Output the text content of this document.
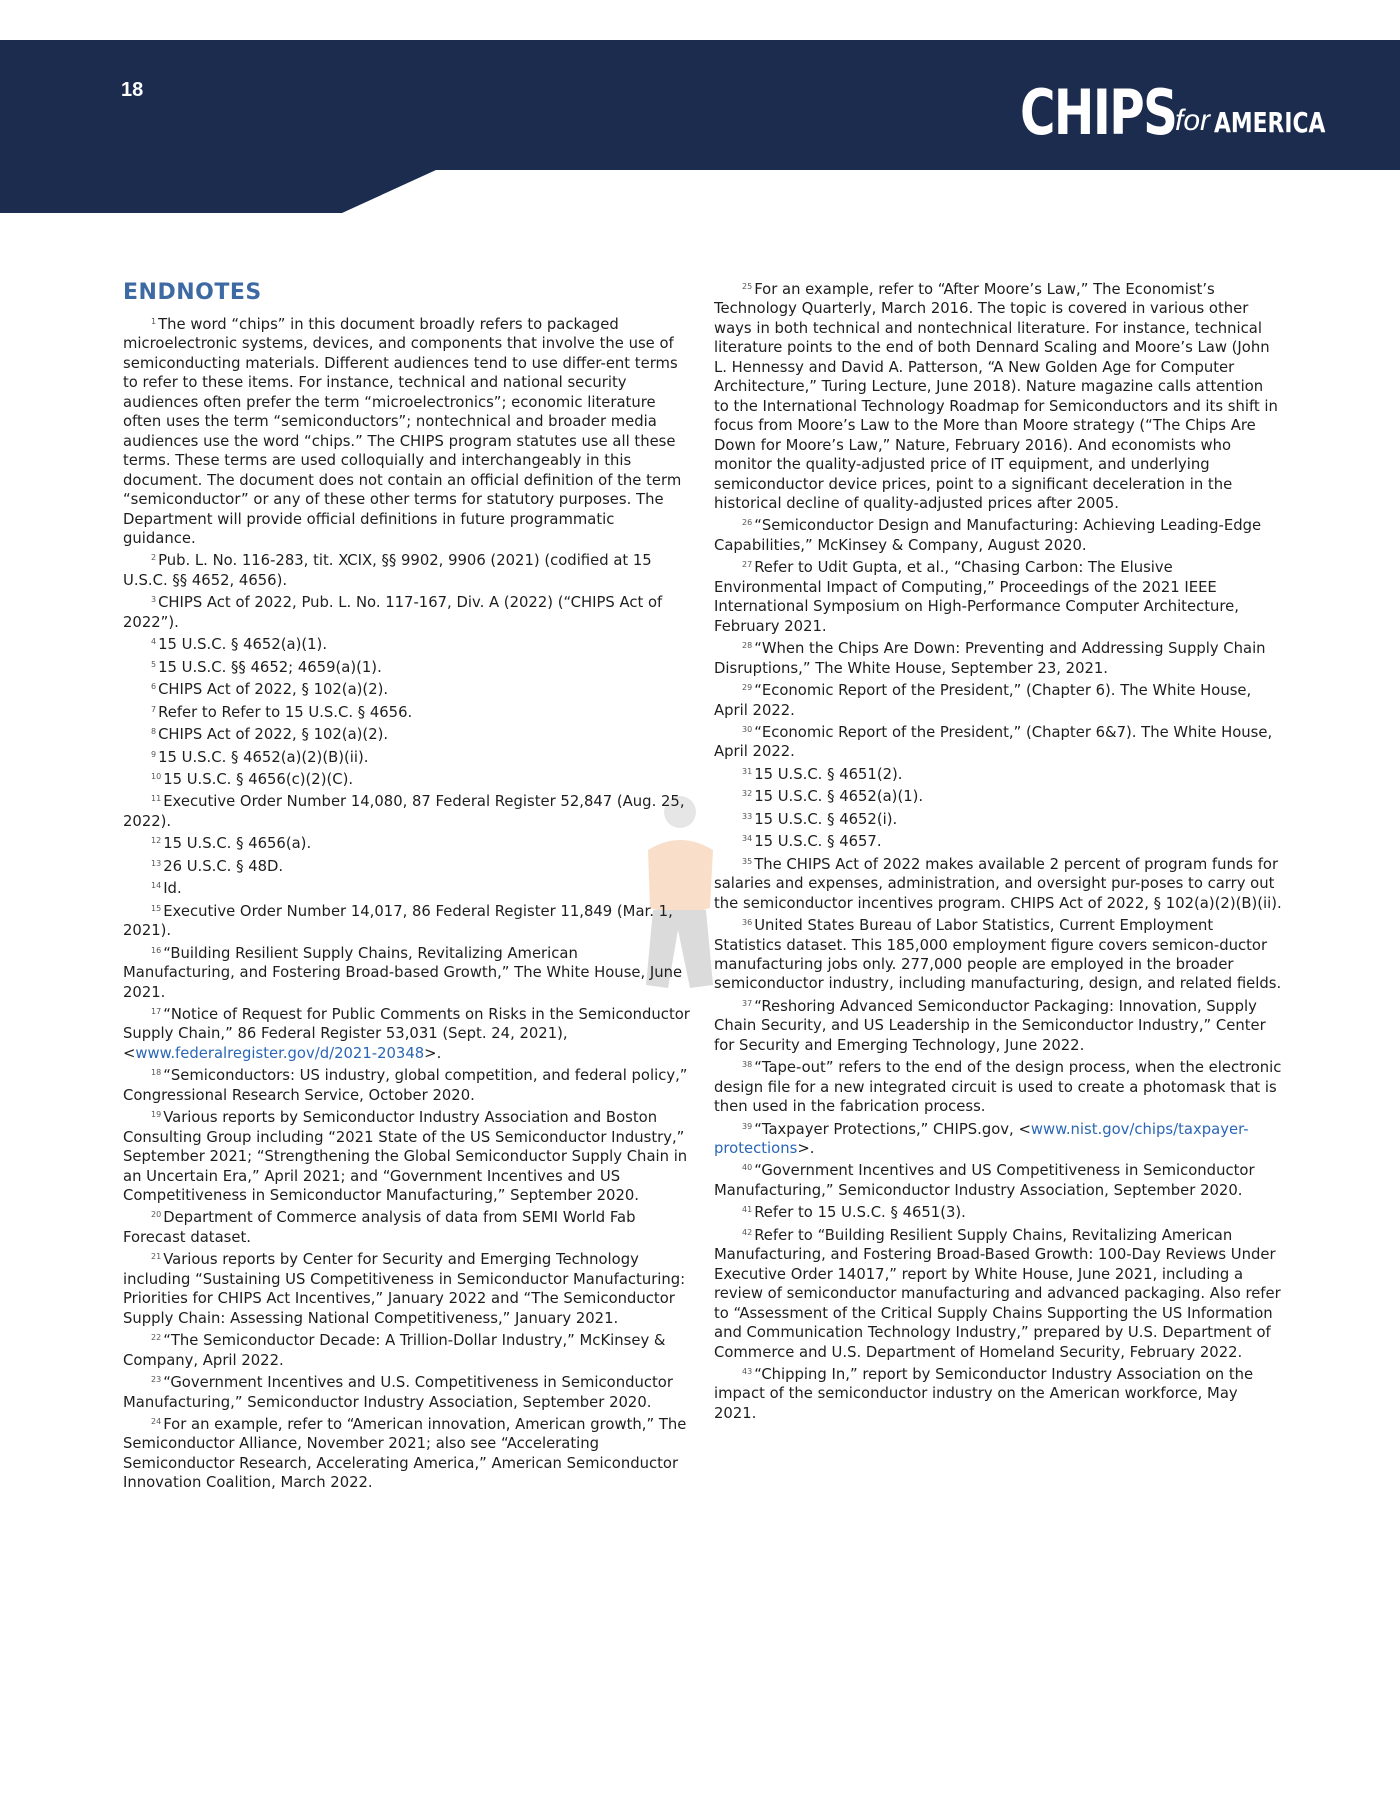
18	CHIPS
for AMERICA
ENDNOTES

$^1$ The word “chips” in this document broadly refers to packaged microelectronic systems, devices, and components that involve the use of semiconducting materials. Different audiences tend to use differ-ent terms to refer to these items. For instance, technical and national security audiences often prefer the term “microelectronics”; economic literature often uses the term “semiconductors”; nontechnical and broader media audiences use the word “chips.” The CHIPS program statutes use all these terms. These terms are used colloquially and interchangeably in this document. The document does not contain an official definition of the term “semiconductor” or any of these other terms for statutory purposes. The Department will provide official definitions in future programmatic guidance.

$^2$ Pub. L. No. 116-283, tit. XCIX, §§ 9902, 9906 (2021) (codified at 15 U.S.C. §§ 4652, 4656).

$^3$ CHIPS Act of 2022, Pub. L. No. 117-167, Div. A (2022) (“CHIPS Act of 2022”).

$^4$ 15 U.S.C. § 4652(a)(1).

$^5$ 15 U.S.C. §§ 4652; 4659(a)(1).

$^6$ CHIPS Act of 2022, § 102(a)(2).

$^7$ Refer to Refer to 15 U.S.C. § 4656.

$^8$ CHIPS Act of 2022, § 102(a)(2).

$^9$ 15 U.S.C. § 4652(a)(2)(B)(ii).

$^{10}$ 15 U.S.C. § 4656(c)(2)(C).

$^{11}$ Executive Order Number 14,080, 87 Federal Register 52,847 (Aug. 25, 2022).

$^{12}$ 15 U.S.C. § 4656(a).

$^{13}$ 26 U.S.C. § 48D.

$^{14}$ Id.

$^{15}$ Executive Order Number 14,017, 86 Federal Register 11,849 (Mar. 1, 2021).

$^{16}$ “Building Resilient Supply Chains, Revitalizing American Manufacturing, and Fostering Broad-based Growth,” The White House, June 2021.

$^{17}$ “Notice of Request for Public Comments on Risks in the Semiconductor Supply Chain,” 86 Federal Register 53,031 (Sept. 24, 2021), <www.federalregister.gov/d/2021-20348>.

$^{18}$ “Semiconductors: US industry, global competition, and federal policy,” Congressional Research Service, October 2020.

$^{19}$ Various reports by Semiconductor Industry Association and Boston Consulting Group including “2021 State of the US Semiconductor Industry,” September 2021; “Strengthening the Global Semiconductor Supply Chain in an Uncertain Era,” April 2021; and “Government Incentives and US Competitiveness in Semiconductor Manufacturing,” September 2020.

$^{20}$ Department of Commerce analysis of data from SEMI World Fab Forecast dataset.

$^{21}$ Various reports by Center for Security and Emerging Technology including “Sustaining US Competitiveness in Semiconductor Manufacturing: Priorities for CHIPS Act Incentives,” January 2022 and “The Semiconductor Supply Chain: Assessing National Competitiveness,” January 2021.

$^{22}$ “The Semiconductor Decade: A Trillion-Dollar Industry,” McKinsey & Company, April 2022.

$^{23}$ “Government Incentives and U.S. Competitiveness in Semiconductor Manufacturing,” Semiconductor Industry Association, September 2020.

$^{24}$ For an example, refer to “American innovation, American growth,” The Semiconductor Alliance, November 2021; also see “Accelerating Semiconductor Research, Accelerating America,” American Semiconductor Innovation Coalition, March 2022.

$^{25}$ For an example, refer to “After Moore’s Law,” The Economist’s Technology Quarterly, March 2016. The topic is covered in various other ways in both technical and nontechnical literature. For instance, technical literature points to the end of both Dennard Scaling and Moore’s Law (John L. Hennessy and David A. Patterson, “A New Golden Age for Computer Architecture,” Turing Lecture, June 2018). Nature magazine calls attention to the International Technology Roadmap for Semiconductors and its shift in focus from Moore’s Law to the More than Moore strategy (“The Chips Are Down for Moore’s Law,” Nature, February 2016). And economists who monitor the quality-adjusted price of IT equipment, and underlying semiconductor device prices, point to a significant deceleration in the historical decline of quality-adjusted prices after 2005.

$^{26}$ “Semiconductor Design and Manufacturing: Achieving Leading-Edge Capabilities,” McKinsey & Company, August 2020.

$^{27}$ Refer to Udit Gupta, et al., “Chasing Carbon: The Elusive Environmental Impact of Computing,” Proceedings of the 2021 IEEE International Symposium on High-Performance Computer Architecture, February 2021.

$^{28}$ “When the Chips Are Down: Preventing and Addressing Supply Chain Disruptions,” The White House, September 23, 2021.

$^{29}$ “Economic Report of the President,” (Chapter 6). The White House, April 2022.

$^{30}$ “Economic Report of the President,” (Chapter 6&7). The White House, April 2022.

$^{31}$ 15 U.S.C. § 4651(2).

$^{32}$ 15 U.S.C. § 4652(a)(1).

$^{33}$ 15 U.S.C. § 4652(i).

$^{34}$ 15 U.S.C. § 4657.

$^{35}$ The CHIPS Act of 2022 makes available 2 percent of program funds for salaries and expenses, administration, and oversight pur-poses to carry out the semiconductor incentives program. CHIPS Act of 2022, § 102(a)(2)(B)(ii).

$^{36}$ United States Bureau of Labor Statistics, Current Employment Statistics dataset. This 185,000 employment figure covers semicon-ductor manufacturing jobs only. 277,000 people are employed in the broader semiconductor industry, including manufacturing, design, and related fields.

$^{37}$ “Reshoring Advanced Semiconductor Packaging: Innovation, Supply Chain Security, and US Leadership in the Semiconductor Industry,” Center for Security and Emerging Technology, June 2022.

$^{38}$ “Tape-out” refers to the end of the design process, when the electronic design file for a new integrated circuit is used to create a photomask that is then used in the fabrication process.

$^{39}$ “Taxpayer Protections,” CHIPS.gov, <www.nist.gov/chips/taxpayer-protections>.

$^{40}$ “Government Incentives and US Competitiveness in Semiconductor Manufacturing,” Semiconductor Industry Association, September 2020.

$^{41}$ Refer to 15 U.S.C. § 4651(3).

$^{42}$ Refer to “Building Resilient Supply Chains, Revitalizing American Manufacturing, and Fostering Broad-Based Growth: 100-Day Reviews Under Executive Order 14017,” report by White House, June 2021, including a review of semiconductor manufacturing and advanced packaging. Also refer to “Assessment of the Critical Supply Chains Supporting the US Information and Communication Technology Industry,” prepared by U.S. Department of Commerce and U.S. Department of Homeland Security, February 2022.

$^{43}$ “Chipping In,” report by Semiconductor Industry Association on the impact of the semiconductor industry on the American workforce, May 2021.
